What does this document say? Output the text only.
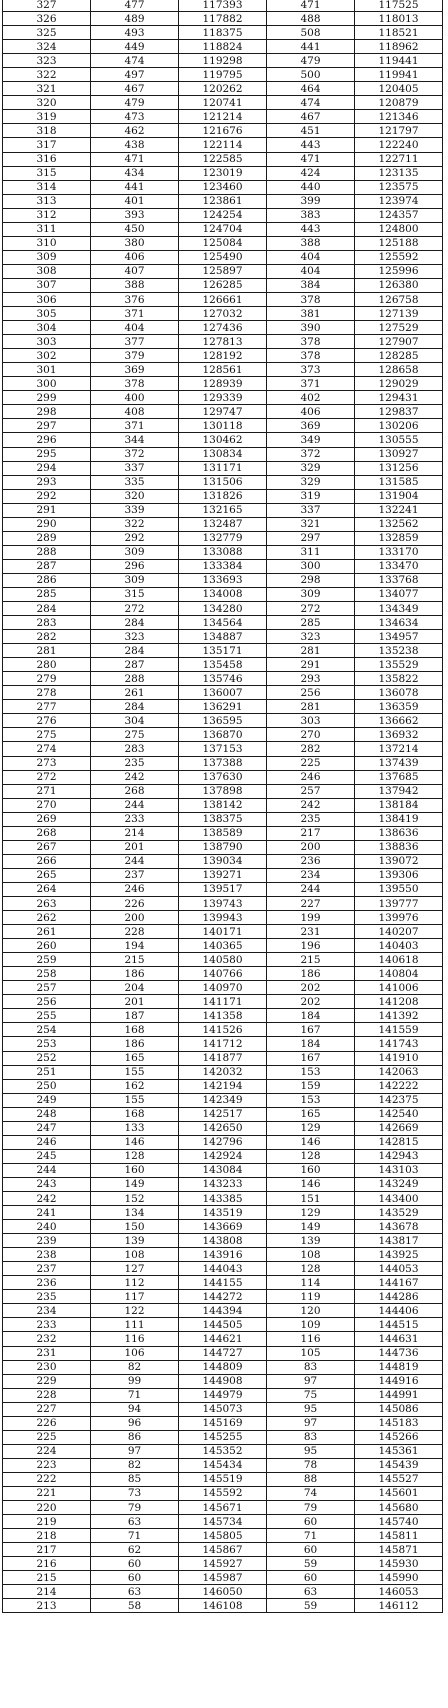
327	477	117393	471	117525
326	489	117882	488	118013
325	493	118375	508	118521
324	449	118824	441	118962
323	474	119298	479	119441
322	497	119795	500	119941
321	467	120262	464	120405
320	479	120741	474	120879
319	473	121214	467	121346
318	462	121676	451	121797
317	438	122114	443	122240
316	471	122585	471	122711
315	434	123019	424	123135
314	441	123460	440	123575
313	401	123861	399	123974
312	393	124254	383	124357
311	450	124704	443	124800
310	380	125084	388	125188
309	406	125490	404	125592
308	407	125897	404	125996
307	388	126285	384	126380
306	376	126661	378	126758
305	371	127032	381	127139
304	404	127436	390	127529
303	377	127813	378	127907
302	379	128192	378	128285
301	369	128561	373	128658
300	378	128939	371	129029
299	400	129339	402	129431
298	408	129747	406	129837
297	371	130118	369	130206
296	344	130462	349	130555
295	372	130834	372	130927
294	337	131171	329	131256
293	335	131506	329	131585
292	320	131826	319	131904
291	339	132165	337	132241
290	322	132487	321	132562
289	292	132779	297	132859
288	309	133088	311	133170
287	296	133384	300	133470
286	309	133693	298	133768
285	315	134008	309	134077
284	272	134280	272	134349
283	284	134564	285	134634
282	323	134887	323	134957
281	284	135171	281	135238
280	287	135458	291	135529
279	288	135746	293	135822
278	261	136007	256	136078
277	284	136291	281	136359
276	304	136595	303	136662
275	275	136870	270	136932
274	283	137153	282	137214
273	235	137388	225	137439
272	242	137630	246	137685
271	268	137898	257	137942
270	244	138142	242	138184
269	233	138375	235	138419
268	214	138589	217	138636
267	201	138790	200	138836
266	244	139034	236	139072
265	237	139271	234	139306
264	246	139517	244	139550
263	226	139743	227	139777
262	200	139943	199	139976
261	228	140171	231	140207
260	194	140365	196	140403
259	215	140580	215	140618
258	186	140766	186	140804
257	204	140970	202	141006
256	201	141171	202	141208
255	187	141358	184	141392
254	168	141526	167	141559
253	186	141712	184	141743
252	165	141877	167	141910
251	155	142032	153	142063
250	162	142194	159	142222
249	155	142349	153	142375
248	168	142517	165	142540
247	133	142650	129	142669
246	146	142796	146	142815
245	128	142924	128	142943
244	160	143084	160	143103
243	149	143233	146	143249
242	152	143385	151	143400
241	134	143519	129	143529
240	150	143669	149	143678
239	139	143808	139	143817
238	108	143916	108	143925
237	127	144043	128	144053
236	112	144155	114	144167
235	117	144272	119	144286
234	122	144394	120	144406
233	111	144505	109	144515
232	116	144621	116	144631
231	106	144727	105	144736
230	82	144809	83	144819
229	99	144908	97	144916
228	71	144979	75	144991
227	94	145073	95	145086
226	96	145169	97	145183
225	86	145255	83	145266
224	97	145352	95	145361
223	82	145434	78	145439
222	85	145519	88	145527
221	73	145592	74	145601
220	79	145671	79	145680
219	63	145734	60	145740
218	71	145805	71	145811
217	62	145867	60	145871
216	60	145927	59	145930
215	60	145987	60	145990
214	63	146050	63	146053
213	58	146108	59	146112
